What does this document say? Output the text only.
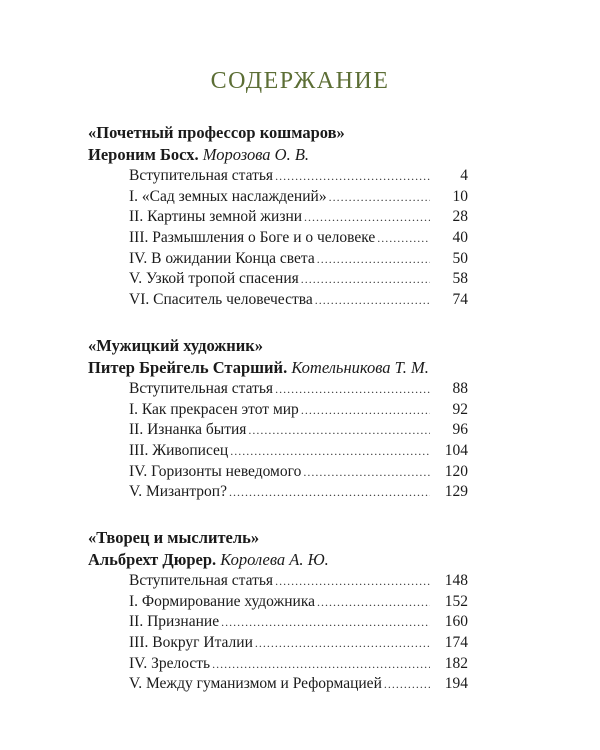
СОДЕРЖАНИЕ
«Почетный профессор кошмаров»
Иероним Босх. Морозова О. В.
Вступительная статья .....	4
I. «Сад земных наслаждений» .....	10
II. Картины земной жизни .....	28
III. Размышления о Боге и о человеке .....	40
IV. В ожидании Конца света .....	50
V. Узкой тропой спасения .....	58
VI. Спаситель человечества .....	74
«Мужицкий художник»
Питер Брейгель Старший. Котельникова Т. М.
Вступительная статья .....	88
I. Как прекрасен этот мир .....	92
II. Изнанка бытия .....	96
III. Живописец .....	104
IV. Горизонты неведомого .....	120
V. Мизантроп? .....	129
«Творец и мыслитель»
Альбрехт Дюрер. Королева А. Ю.
Вступительная статья .....	148
I. Формирование художника .....	152
II. Признание .....	160
III. Вокруг Италии .....	174
IV. Зрелость .....	182
V. Между гуманизмом и Реформацией .....	194
